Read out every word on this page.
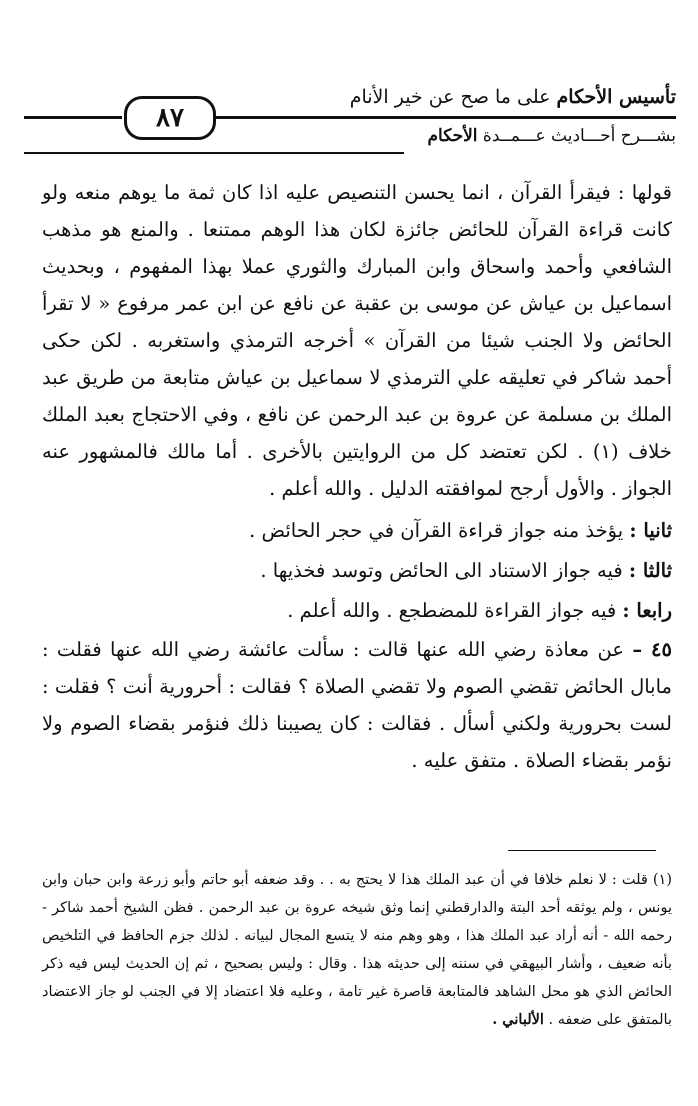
تأسيس الأحكام على ما صح عن خير الأنام
٨٧
بشـــرح أحـــاديث عـــمــدة الأحكام

قولها : فيقرأ القرآن ، انما يحسن التنصيص عليه اذا كان ثمة ما يوهم منعه ولو كانت قراءة القرآن للحائض جائزة لكان هذا الوهم ممتنعا . والمنع هو مذهب الشافعي وأحمد واسحاق وابن المبارك والثوري عملا بهذا المفهوم ، وبحديث اسماعيل بن عياش عن موسى بن عقبة عن نافع عن ابن عمر مرفوع « لا تقرأ الحائض ولا الجنب شيئا من القرآن » أخرجه الترمذي واستغربه . لكن حكى أحمد شاكر في تعليقه علي الترمذي لا سماعيل بن عياش متابعة من طريق عبد الملك بن مسلمة عن عروة بن عبد الرحمن عن نافع ، وفي الاحتجاج بعبد الملك خلاف (١) . لكن تعتضد كل من الروايتين بالأخرى . أما مالك فالمشهور عنه الجواز . والأول أرجح لموافقته الدليل . والله أعلم .

ثانيا : يؤخذ منه جواز قراءة القرآن في حجر الحائض .

ثالثا : فيه جواز الاستناد الى الحائض وتوسد فخذيها .

رابعا : فيه جواز القراءة للمضطجع . والله أعلم .

٤٥ – عن معاذة رضي الله عنها قالت : سألت عائشة رضي الله عنها فقلت : مابال الحائض تقضي الصوم ولا تقضي الصلاة ؟ فقالت : أحرورية أنت ؟ فقلت : لست بحرورية ولكني أسأل . فقالت : كان يصيبنا ذلك فنؤمر بقضاء الصوم ولا نؤمر بقضاء الصلاة . متفق عليه .

(١) قلت : لا نعلم خلافا في أن عبد الملك هذا لا يحتج به . . وقد ضعفه أبو حاتم وأبو زرعة وابن حبان وابن يونس ، ولم يوثقه أحد البتة والدارقطني إنما وثق شيخه عروة بن عبد الرحمن . فظن الشيخ أحمد شاكر - رحمه الله - أنه أراد عبد الملك هذا ، وهو وهم منه لا يتسع المجال لبيانه . لذلك جزم الحافظ في التلخيص بأنه ضعيف ، وأشار البيهقي في سننه إلى حديثه هذا . وقال : وليس بصحيح ، ثم إن الحديث ليس فيه ذكر الحائض الذي هو محل الشاهد فالمتابعة قاصرة غير تامة ، وعليه فلا اعتضاد إلا في الجنب لو جاز الاعتضاد بالمتفق على ضعفه . الألباني .
